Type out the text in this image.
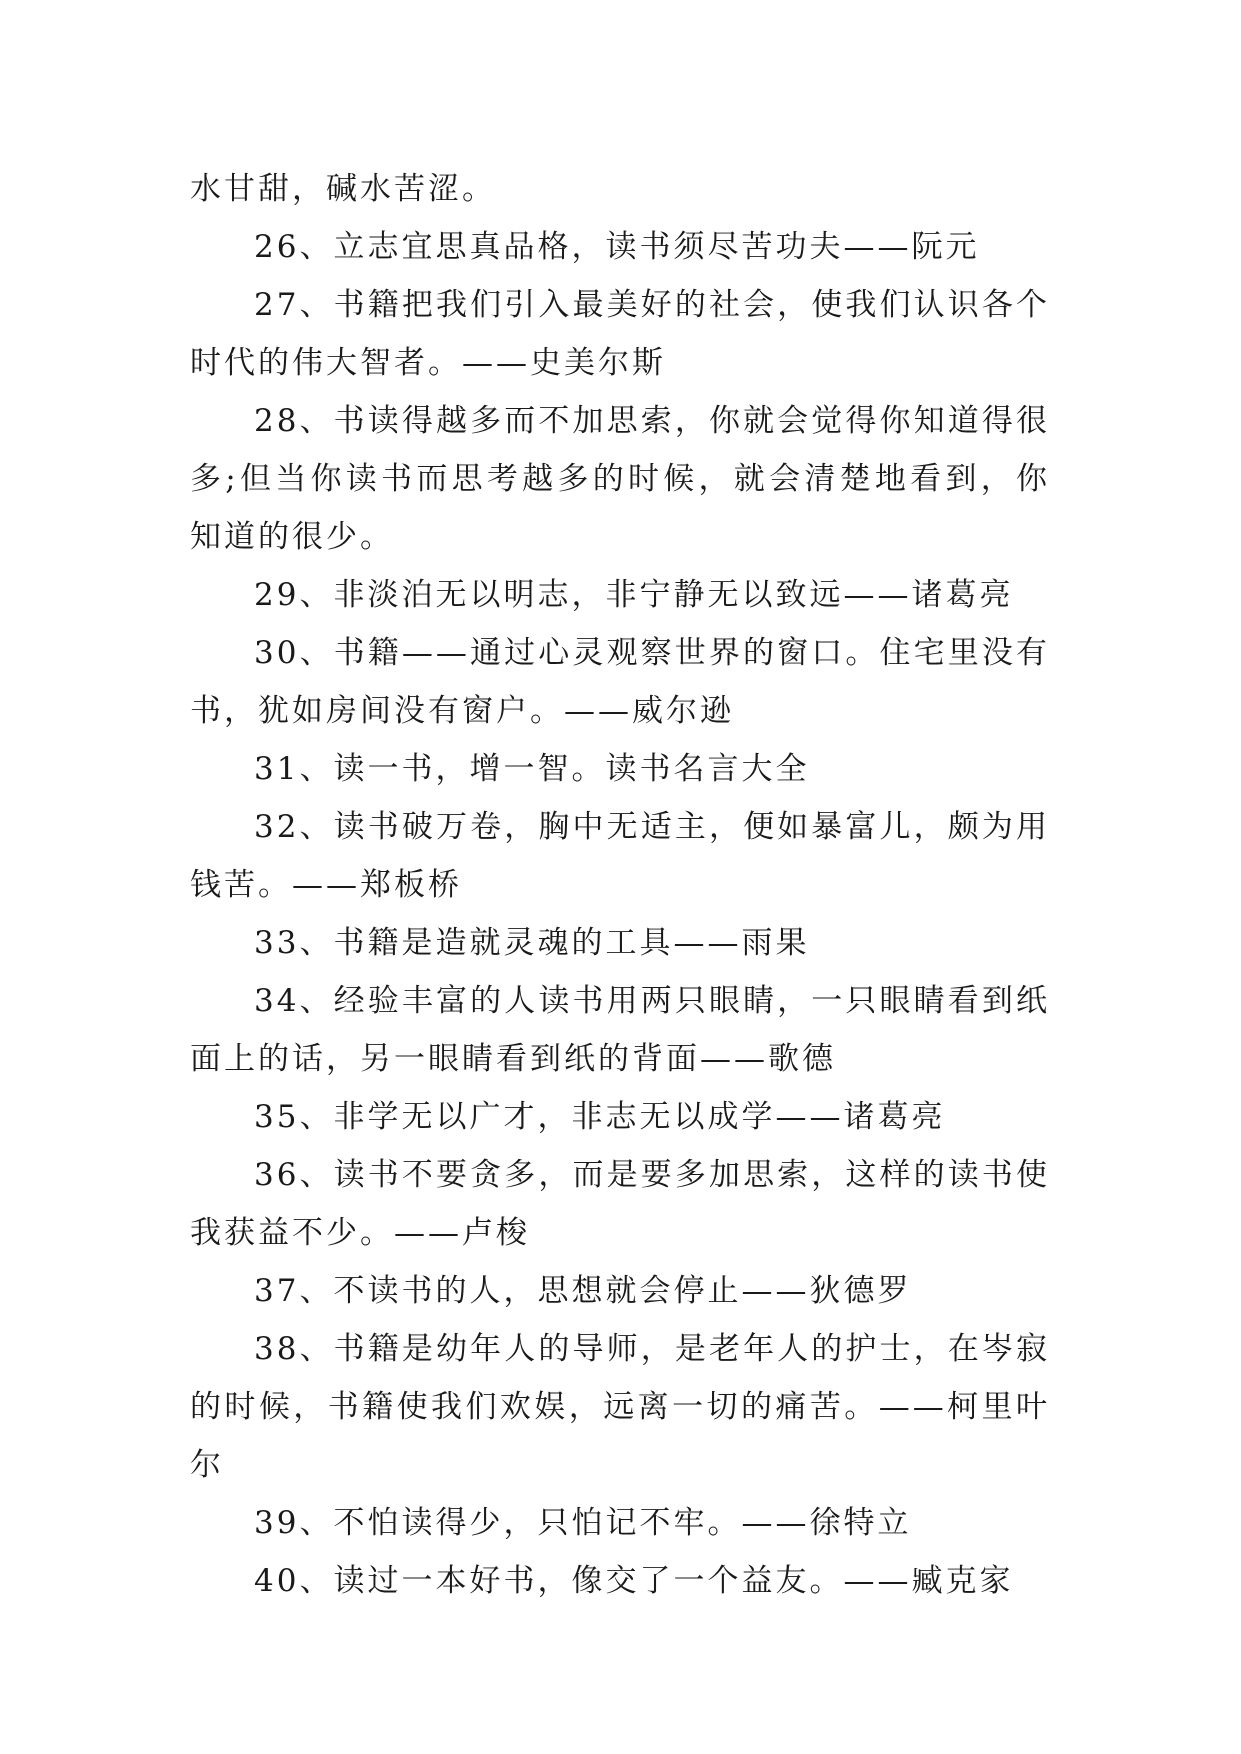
水甘甜，碱水苦涩。

26、立志宜思真品格，读书须尽苦功夫——阮元

27、书籍把我们引入最美好的社会，使我们认识各个时代的伟大智者。——史美尔斯

28、书读得越多而不加思索，你就会觉得你知道得很多;但当你读书而思考越多的时候，就会清楚地看到，你知道的很少。

29、非淡泊无以明志，非宁静无以致远——诸葛亮

30、书籍——通过心灵观察世界的窗口。住宅里没有书，犹如房间没有窗户。——威尔逊

31、读一书，增一智。读书名言大全

32、读书破万卷，胸中无适主，便如暴富儿，颇为用钱苦。——郑板桥

33、书籍是造就灵魂的工具——雨果

34、经验丰富的人读书用两只眼睛，一只眼睛看到纸面上的话，另一眼睛看到纸的背面——歌德

35、非学无以广才，非志无以成学——诸葛亮

36、读书不要贪多，而是要多加思索，这样的读书使我获益不少。——卢梭

37、不读书的人，思想就会停止——狄德罗

38、书籍是幼年人的导师，是老年人的护士，在岑寂的时候，书籍使我们欢娱，远离一切的痛苦。——柯里叶尔

39、不怕读得少，只怕记不牢。——徐特立

40、读过一本好书，像交了一个益友。——臧克家
